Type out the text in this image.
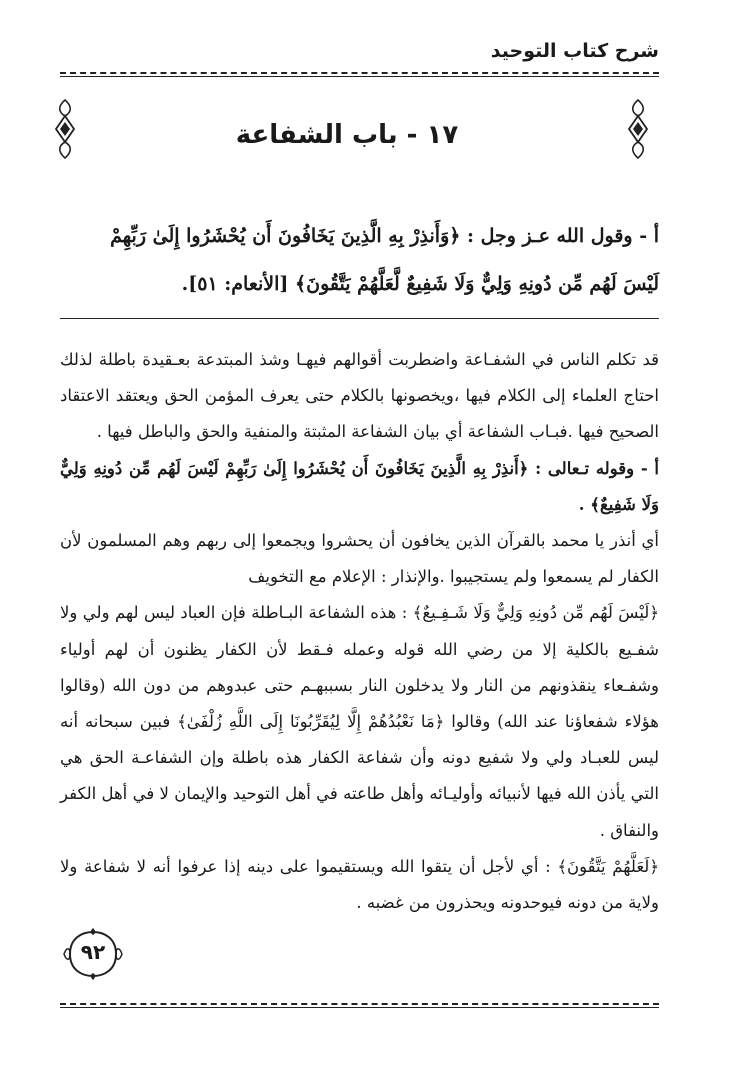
شرح كتاب التوحيد
١٧ - باب الشفاعة
أ - وقول الله عـز وجل : ﴿وَأَنذِرْ بِهِ الَّذِينَ يَخَافُونَ أَن يُحْشَرُوا إِلَىٰ رَبِّهِمْ
لَيْسَ لَهُم مِّن دُونِهِ وَلِيٌّ وَلَا شَفِيعٌ لَّعَلَّهُمْ يَتَّقُونَ﴾ [الأنعام: ٥١].

قد تكلم الناس في الشفـاعة واضطربت أقوالهم فيهـا وشذ المبتدعة بعـقيدة باطلة لذلك احتاج العلماء إلى الكلام فيها ،ويخصونها بالكلام حتى يعرف المؤمن الحق ويعتقد الاعتقاد الصحيح فيها .فبـاب الشفاعة أي بيان الشفاعة المثبتة والمنفية والحق والباطل فيها .

أ - وقوله تـعالى : ﴿أَنذِرْ بِهِ الَّذِينَ يَخَافُونَ أَن يُحْشَرُوا إِلَىٰ رَبِّهِمْ لَيْسَ لَهُم مِّن دُونِهِ وَلِيٌّ وَلَا شَفِيعٌ﴾ .

أي أنذر يا محمد بالقرآن الذين يخافون أن يحشروا ويجمعوا إلى ربهم وهم المسلمون لأن الكفار لم يسمعوا ولم يستجيبوا .والإنذار : الإعلام مع التخويف

﴿لَيْسَ لَهُم مِّن دُونِهِ وَلِيٌّ وَلَا شَـفِـيعٌ﴾ : هذه الشفاعة البـاطلة فإن العباد ليس لهم ولي ولا شفـيع بالكلية إلا من رضي الله قوله وعمله فـقط لأن الكفار يظنون أن لهم أولياء وشفـعاء ينقذونهم من النار ولا يدخلون النار بسببهـم حتى عبدوهم من دون الله (وقالوا هؤلاء شفعاؤنا عند الله) وقالوا ﴿مَا نَعْبُدُهُمْ إِلَّا لِيُقَرِّبُونَا إِلَى اللَّهِ زُلْفَىٰ﴾ فبين سبحانه أنه ليس للعبـاد ولي ولا شفيع دونه وأن شفاعة الكفار هذه باطلة وإن الشفاعـة الحق هي التي يأذن الله فيها لأنبيائه وأوليـائه وأهل طاعته في أهل التوحيد والإيمان لا في أهل الكفر والنفاق .

﴿لَعَلَّهُمْ يَتَّقُونَ﴾ : أي لأجل أن يتقوا الله ويستقيموا على دينه إذا عرفوا أنه لا شفاعة ولا ولاية من دونه فيوحدونه ويحذرون من غضبه .

٩٢
